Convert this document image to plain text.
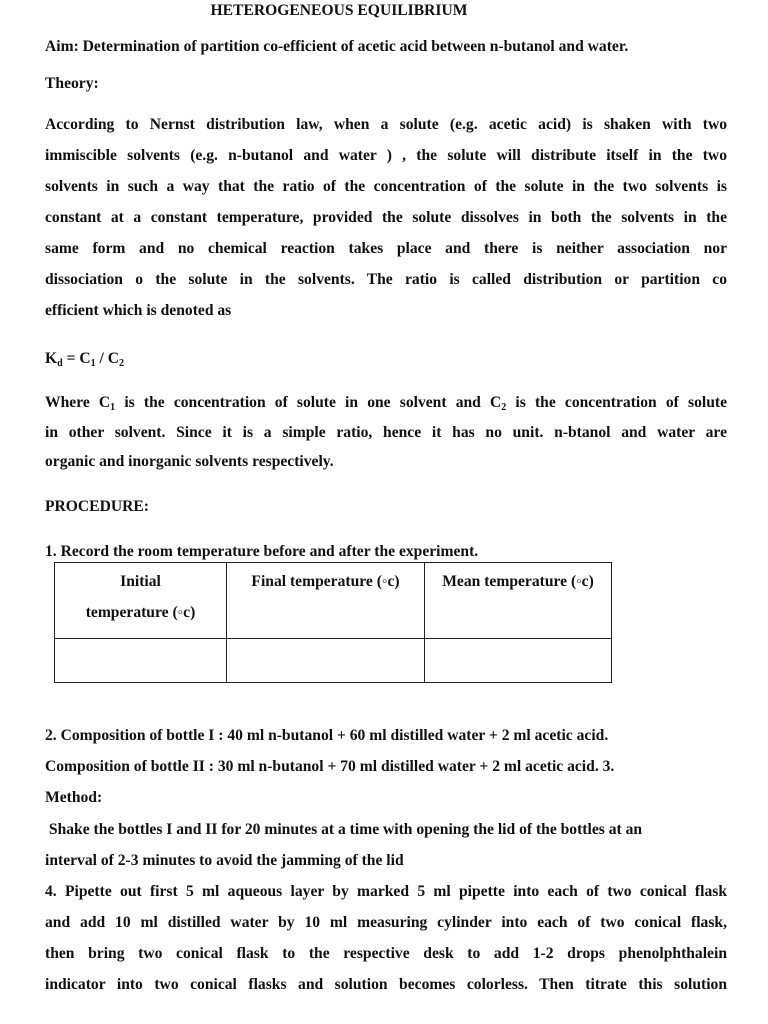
HETEROGENEOUS EQUILIBRIUM
Aim: Determination of partition co-efficient of acetic acid between n-butanol and water.
Theory:
According to Nernst distribution law, when a solute (e.g. acetic acid) is shaken with two
immiscible solvents (e.g. n-butanol and water ) , the solute will distribute itself in the two
solvents in such a way that the ratio of the concentration of the solute in the two solvents is
constant at a constant temperature, provided the solute dissolves in both the solvents in the
same form and no chemical reaction takes place and there is neither association nor
dissociation o the solute in the solvents. The ratio is called distribution or partition co
efficient which is denoted as
$K_d = C_1 / C_2$
Where $C_1$ is the concentration of solute in one solvent and $C_2$ is the concentration of solute
in other solvent. Since it is a simple ratio, hence it has no unit. n-btanol and water are
organic and inorganic solvents respectively.
PROCEDURE:
1. Record the room temperature before and after the experiment.
Initial
temperature (◦c)	Final temperature (◦c)	Mean temperature (◦c)

2. Composition of bottle I : 40 ml n-butanol + 60 ml distilled water + 2 ml acetic acid.
Composition of bottle II : 30 ml n-butanol + 70 ml distilled water + 2 ml acetic acid. 3.
Method:
Shake the bottles I and II for 20 minutes at a time with opening the lid of the bottles at an
interval of 2-3 minutes to avoid the jamming of the lid
4. Pipette out first 5 ml aqueous layer by marked 5 ml pipette into each of two conical flask
and add 10 ml distilled water by 10 ml measuring cylinder into each of two conical flask,
then bring two conical flask to the respective desk to add 1-2 drops phenolphthalein
indicator into two conical flasks and solution becomes colorless. Then titrate this solution
